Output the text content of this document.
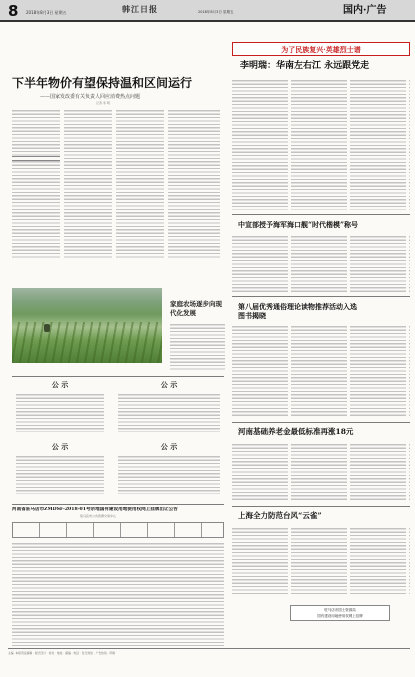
8 2018年8月3日 星期五	韩江日报	2018年8月3日 星期五	国内·广告
下半年物价有望保持温和区间运行
——国家发改委有关负责人回应消费热点问题
记者 李 明
家庭农场逐步向现代化发展
公 示
公 示
公 示
公 示
河南省驻马店市ZMDSF-2018-01号宗地国有建设用地使用权网上挂牌出让公告
驻马店市公共资源交易中心
为了民族复兴·英雄烈士谱
李明瑞：华南左右江 永远跟党走
中宣部授予海军海口舰“时代楷模”称号
第八届优秀通俗理论读物推荐活动入选图书揭晓
河南基础养老金最低标准再涨18元
上海全力防范台风“云雀”
驻马店市国土资源局
国有建设用地使用权网上挂牌
主编 ·本版责任编辑 · 版式设计 · 校对 · 地址 · 邮编 · 电话 · 发行热线 · 广告热线 · 印刷
